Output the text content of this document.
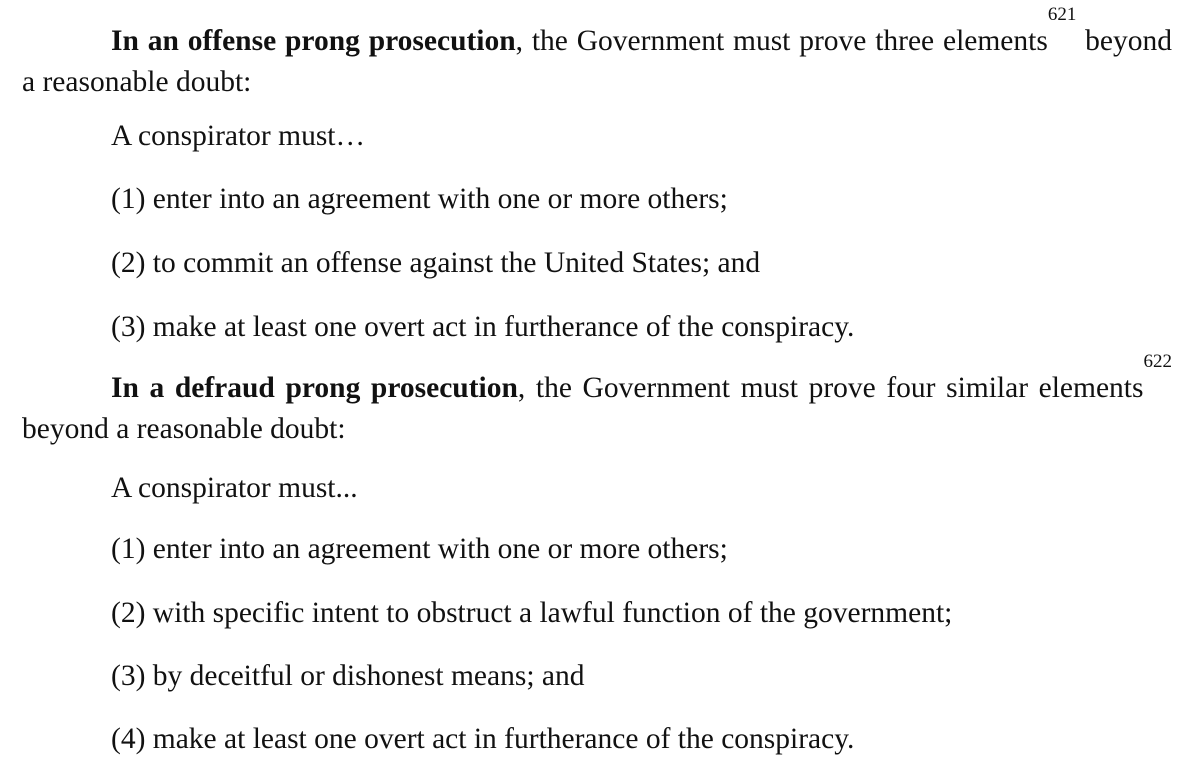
In an offense prong prosecution, the Government must prove three elements$^{621}$ beyond a reasonable doubt:

A conspirator must…

(1) enter into an agreement with one or more others;

(2) to commit an offense against the United States; and

(3) make at least one overt act in furtherance of the conspiracy.

In a defraud prong prosecution, the Government must prove four similar elements$^{622}$ beyond a reasonable doubt:

A conspirator must...

(1) enter into an agreement with one or more others;

(2) with specific intent to obstruct a lawful function of the government;

(3) by deceitful or dishonest means; and

(4) make at least one overt act in furtherance of the conspiracy.
